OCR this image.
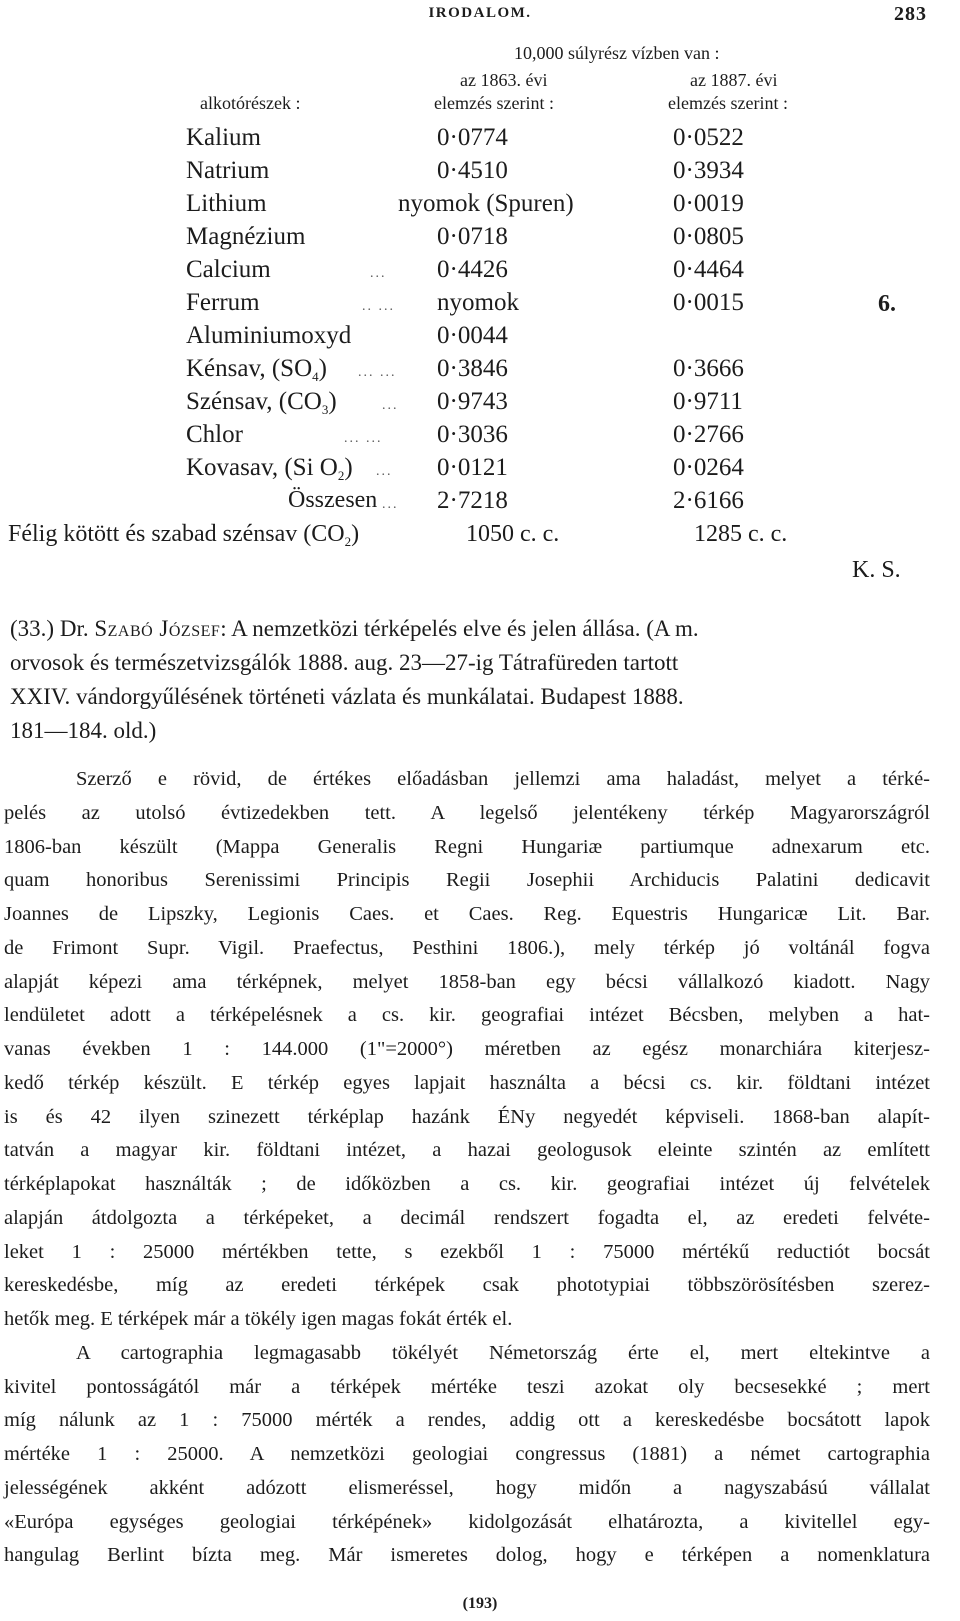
IRODALOM.	283
10,000 súlyrész vízben van :
az 1863. évi	az 1887. évi
alkotórészek :	elemzés szerint :	elemzés szerint :
Kalium	0·0774	0·0522
Natrium	0·4510	0·3934
Lithium	nyomok (Spuren)	0·0019
Magnézium	0·0718	0·0805
Calcium	... 0·4426	0·4464
Ferrum	.. ... nyomok	0·0015	6.
Aluminiumoxyd	0·0044
Kénsav, $(SO_4)$ ... ... 0·3846	0·3666
Szénsav, $(CO_3)$	... 0·9743	0·9711
Chlor	... ... 0·3036	0·2766
Kovasav, (Si $O_2$) ... 0·0121	0·0264
Összesen ... 2·7218	2·6166
Félig kötött és szabad szénsav $(CO_2)$	1050 c. c.	1285 c. c.
K. S.
(33.) Dr. Szabó József: A nemzetközi térképelés elve és jelen állása. (A m.
orvosok és természetvizsgálók 1888. aug. 23—27-ig Tátrafüreden tartott
XXIV. vándorgyűlésének történeti vázlata és munkálatai. Budapest 1888.
181—184. old.)
Szerző e rövid, de értékes előadásban jellemzi ama haladást, melyet a térké-
pelés az utolsó évtizedekben tett. A legelső jelentékeny térkép Magyarországról
1806-ban készült (Mappa Generalis Regni Hungariæ partiumque adnexarum etc.
quam honoribus Serenissimi Principis Regii Josephii Archiducis Palatini dedicavit
Joannes de Lipszky, Legionis Caes. et Caes. Reg. Equestris Hungaricæ Lit. Bar.
de Frimont Supr. Vigil. Praefectus, Pesthini 1806.), mely térkép jó voltánál fogva
alapját képezi ama térképnek, melyet 1858-ban egy bécsi vállalkozó kiadott. Nagy
lendületet adott a térképelésnek a cs. kir. geografiai intézet Bécsben, melyben a hat-
vanas években 1 : 144.000 (1"=2000°) méretben az egész monarchiára kiterjesz-
kedő térkép készült. E térkép egyes lapjait használta a bécsi cs. kir. földtani intézet
is és 42 ilyen szinezett térképlap hazánk ÉNy negyedét képviseli. 1868-ban alapít-
tatván a magyar kir. földtani intézet, a hazai geologusok eleinte szintén az említett
térképlapokat használták ; de időközben a cs. kir. geografiai intézet új felvételek
alapján átdolgozta a térképeket, a decimál rendszert fogadta el, az eredeti felvéte-
leket 1 : 25000 mértékben tette, s ezekből 1 : 75000 mértékű reductiót bocsát
kereskedésbe, míg az eredeti térképek csak phototypiai többszörösítésben szerez-
hetők meg. E térképek már a tökély igen magas fokát érték el.
A cartographia legmagasabb tökélyét Németország érte el, mert eltekintve a
kivitel pontosságától már a térképek mértéke teszi azokat oly becsesekké ; mert
míg nálunk az 1 : 75000 mérték a rendes, addig ott a kereskedésbe bocsátott lapok
mértéke 1 : 25000. A nemzetközi geologiai congressus (1881) a német cartographia
jelességének akként adózott elismeréssel, hogy midőn a nagyszabású vállalat
«Európa egységes geologiai térképének» kidolgozását elhatározta, a kivitellel egy-
hangulag Berlint bízta meg. Már ismeretes dolog, hogy e térképen a nomenklatura
(193)
